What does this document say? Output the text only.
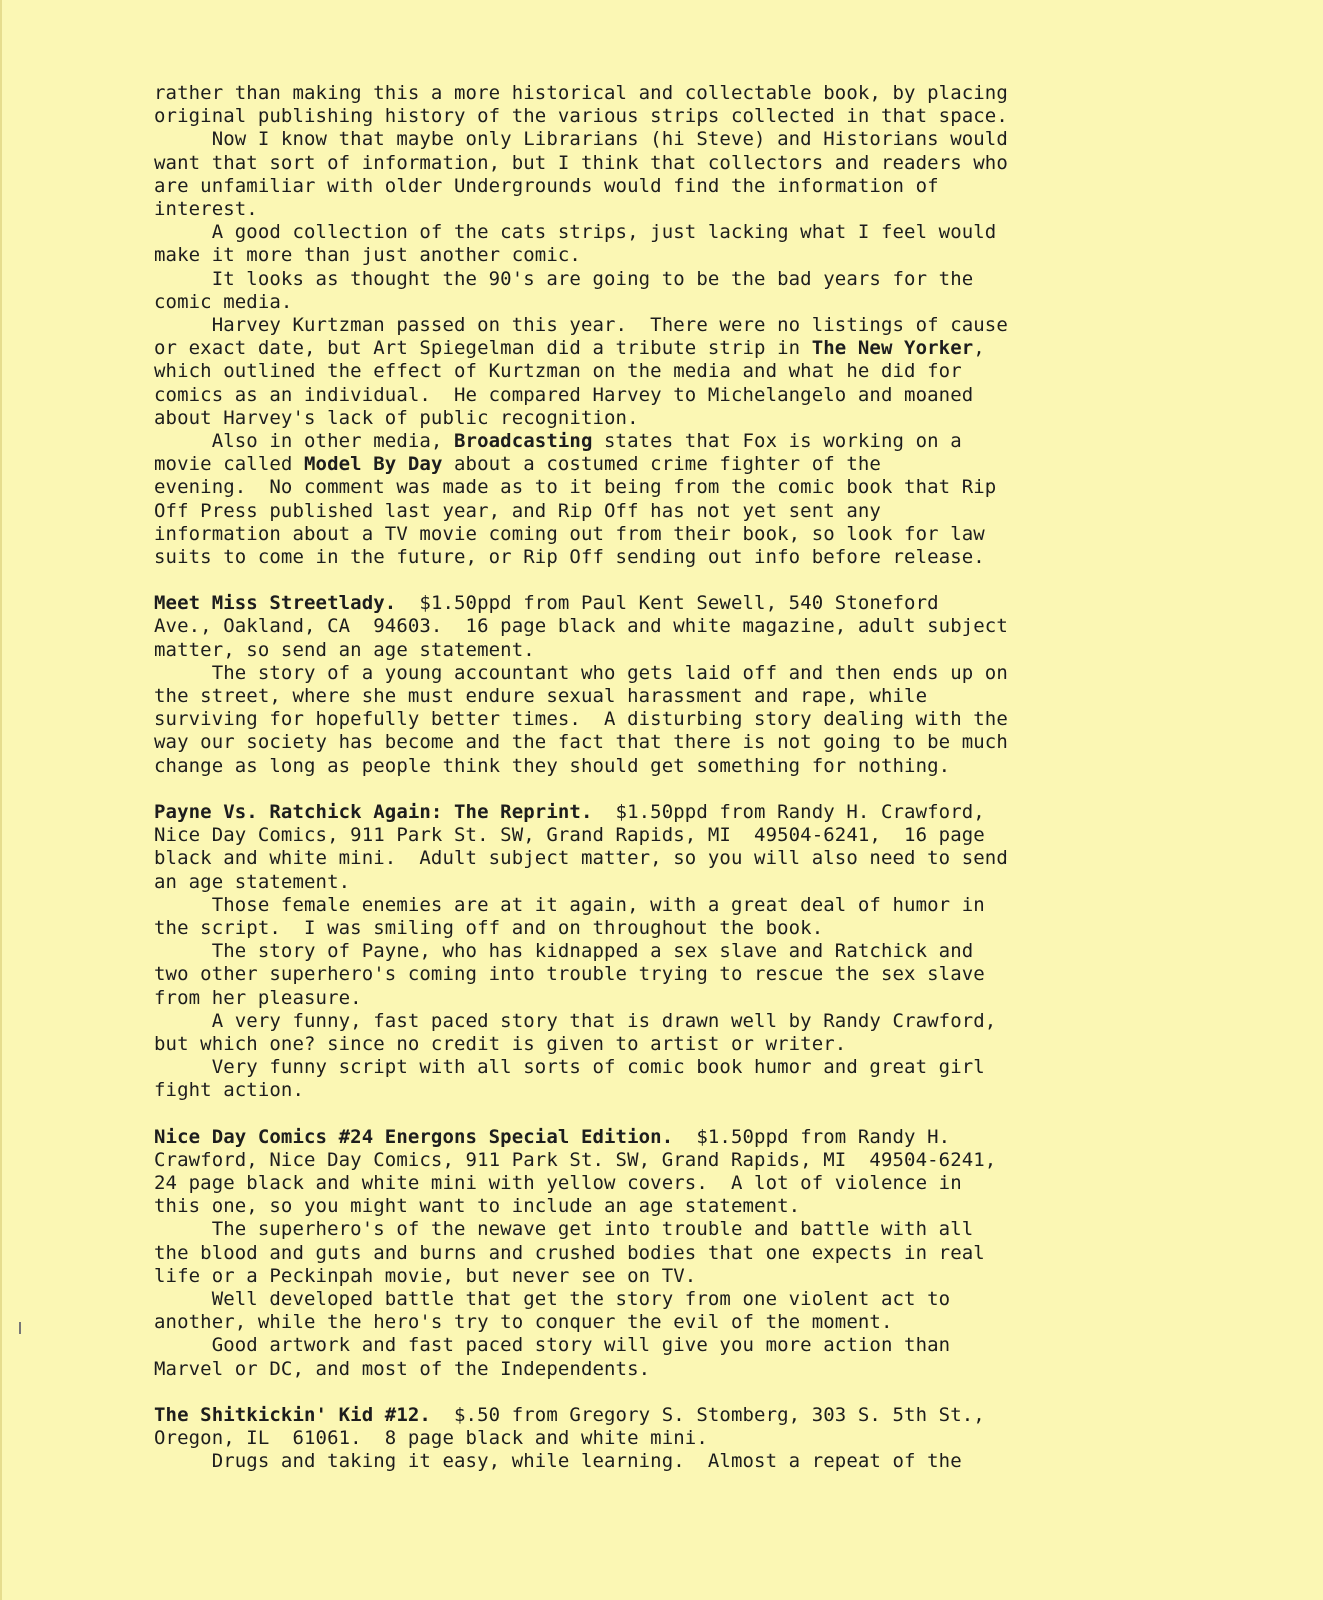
rather than making this a more historical and collectable book, by placing
original publishing history of the various strips collected in that space.
Now I know that maybe only Librarians (hi Steve) and Historians would
want that sort of information, but I think that collectors and readers who
are unfamiliar with older Undergrounds would find the information of
interest.
A good collection of the cats strips, just lacking what I feel would
make it more than just another comic.
It looks as thought the 90's are going to be the bad years for the
comic media.
Harvey Kurtzman passed on this year.  There were no listings of cause
or exact date, but Art Spiegelman did a tribute strip in The New Yorker,
which outlined the effect of Kurtzman on the media and what he did for
comics as an individual.  He compared Harvey to Michelangelo and moaned
about Harvey's lack of public recognition.
Also in other media, Broadcasting states that Fox is working on a
movie called Model By Day about a costumed crime fighter of the
evening.  No comment was made as to it being from the comic book that Rip
Off Press published last year, and Rip Off has not yet sent any
information about a TV movie coming out from their book, so look for law
suits to come in the future, or Rip Off sending out info before release.
Meet Miss Streetlady.  $1.50ppd from Paul Kent Sewell, 540 Stoneford
Ave., Oakland, CA  94603.  16 page black and white magazine, adult subject
matter, so send an age statement.
The story of a young accountant who gets laid off and then ends up on
the street, where she must endure sexual harassment and rape, while
surviving for hopefully better times.  A disturbing story dealing with the
way our society has become and the fact that there is not going to be much
change as long as people think they should get something for nothing.
Payne Vs. Ratchick Again: The Reprint.  $1.50ppd from Randy H. Crawford,
Nice Day Comics, 911 Park St. SW, Grand Rapids, MI  49504-6241,  16 page
black and white mini.  Adult subject matter, so you will also need to send
an age statement.
Those female enemies are at it again, with a great deal of humor in
the script.  I was smiling off and on throughout the book.
The story of Payne, who has kidnapped a sex slave and Ratchick and
two other superhero's coming into trouble trying to rescue the sex slave
from her pleasure.
A very funny, fast paced story that is drawn well by Randy Crawford,
but which one? since no credit is given to artist or writer.
Very funny script with all sorts of comic book humor and great girl
fight action.
Nice Day Comics #24 Energons Special Edition.  $1.50ppd from Randy H.
Crawford, Nice Day Comics, 911 Park St. SW, Grand Rapids, MI  49504-6241,
24 page black and white mini with yellow covers.  A lot of violence in
this one, so you might want to include an age statement.
The superhero's of the newave get into trouble and battle with all
the blood and guts and burns and crushed bodies that one expects in real
life or a Peckinpah movie, but never see on TV.
Well developed battle that get the story from one violent act to
another, while the hero's try to conquer the evil of the moment.
Good artwork and fast paced story will give you more action than
Marvel or DC, and most of the Independents.
The Shitkickin' Kid #12.  $.50 from Gregory S. Stomberg, 303 S. 5th St.,
Oregon, IL  61061.  8 page black and white mini.
Drugs and taking it easy, while learning.  Almost a repeat of the
